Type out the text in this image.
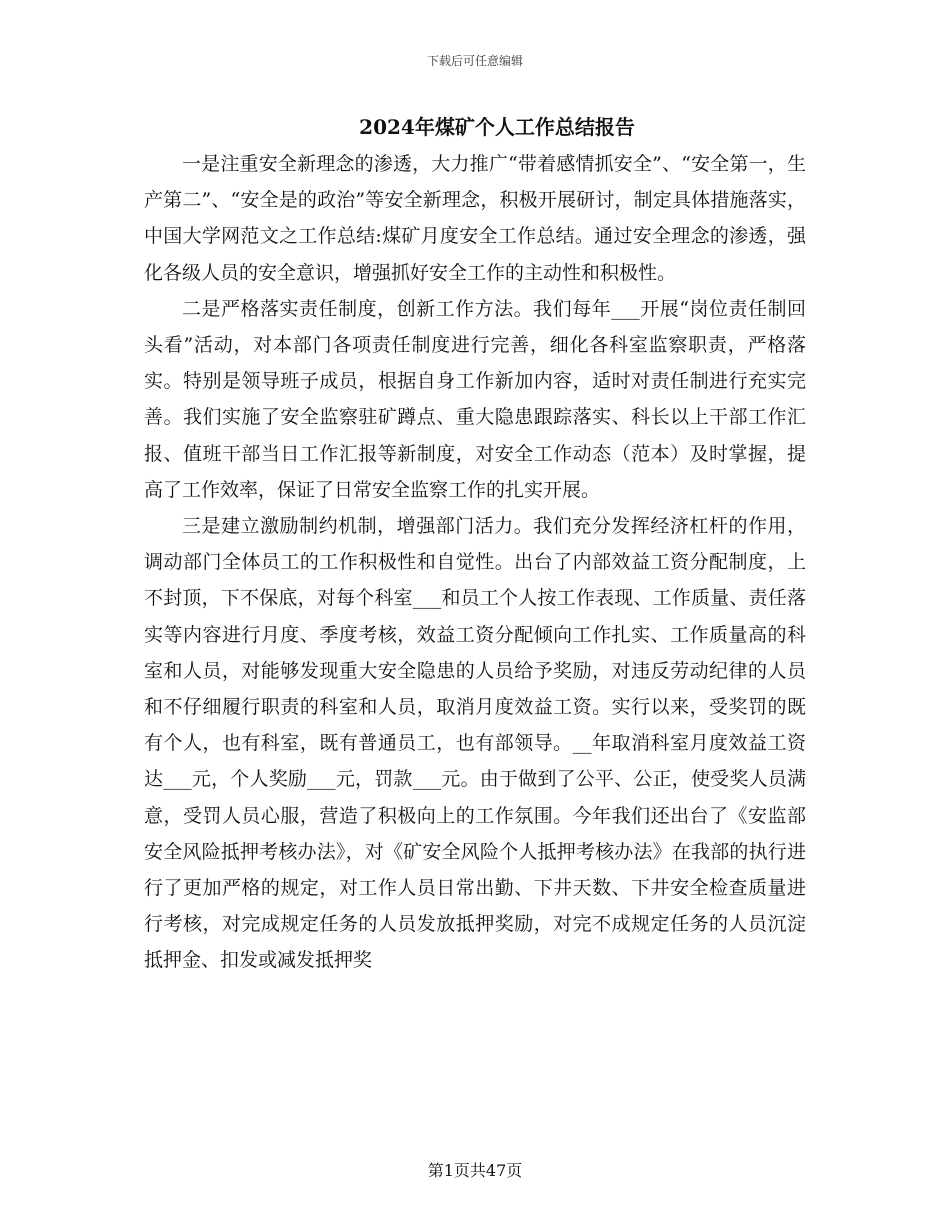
下载后可任意编辑
2024年煤矿个人工作总结报告

一是注重安全新理念的渗透，大力推广“带着感情抓安全”、“安全第一，生产第二”、“安全是的政治”等安全新理念，积极开展研讨，制定具体措施落实，中国大学网范文之工作总结:煤矿月度安全工作总结。通过安全理念的渗透，强化各级人员的安全意识，增强抓好安全工作的主动性和积极性。

二是严格落实责任制度，创新工作方法。我们每年___开展“岗位责任制回头看”活动，对本部门各项责任制度进行完善，细化各科室监察职责，严格落实。特别是领导班子成员，根据自身工作新加内容，适时对责任制进行充实完善。我们实施了安全监察驻矿蹲点、重大隐患跟踪落实、科长以上干部工作汇报、值班干部当日工作汇报等新制度，对安全工作动态（范本）及时掌握，提高了工作效率，保证了日常安全监察工作的扎实开展。

三是建立激励制约机制，增强部门活力。我们充分发挥经济杠杆的作用，调动部门全体员工的工作积极性和自觉性。出台了内部效益工资分配制度，上不封顶，下不保底，对每个科室___和员工个人按工作表现、工作质量、责任落实等内容进行月度、季度考核，效益工资分配倾向工作扎实、工作质量高的科室和人员，对能够发现重大安全隐患的人员给予奖励，对违反劳动纪律的人员和不仔细履行职责的科室和人员，取消月度效益工资。实行以来，受奖罚的既有个人，也有科室，既有普通员工，也有部领导。__年取消科室月度效益工资达___元，个人奖励___元，罚款___元。由于做到了公平、公正，使受奖人员满意，受罚人员心服，营造了积极向上的工作氛围。今年我们还出台了《安监部安全风险抵押考核办法》，对《矿安全风险个人抵押考核办法》在我部的执行进行了更加严格的规定，对工作人员日常出勤、下井天数、下井安全检查质量进行考核，对完成规定任务的人员发放抵押奖励，对完不成规定任务的人员沉淀抵押金、扣发或减发抵押奖

第1页共47页
